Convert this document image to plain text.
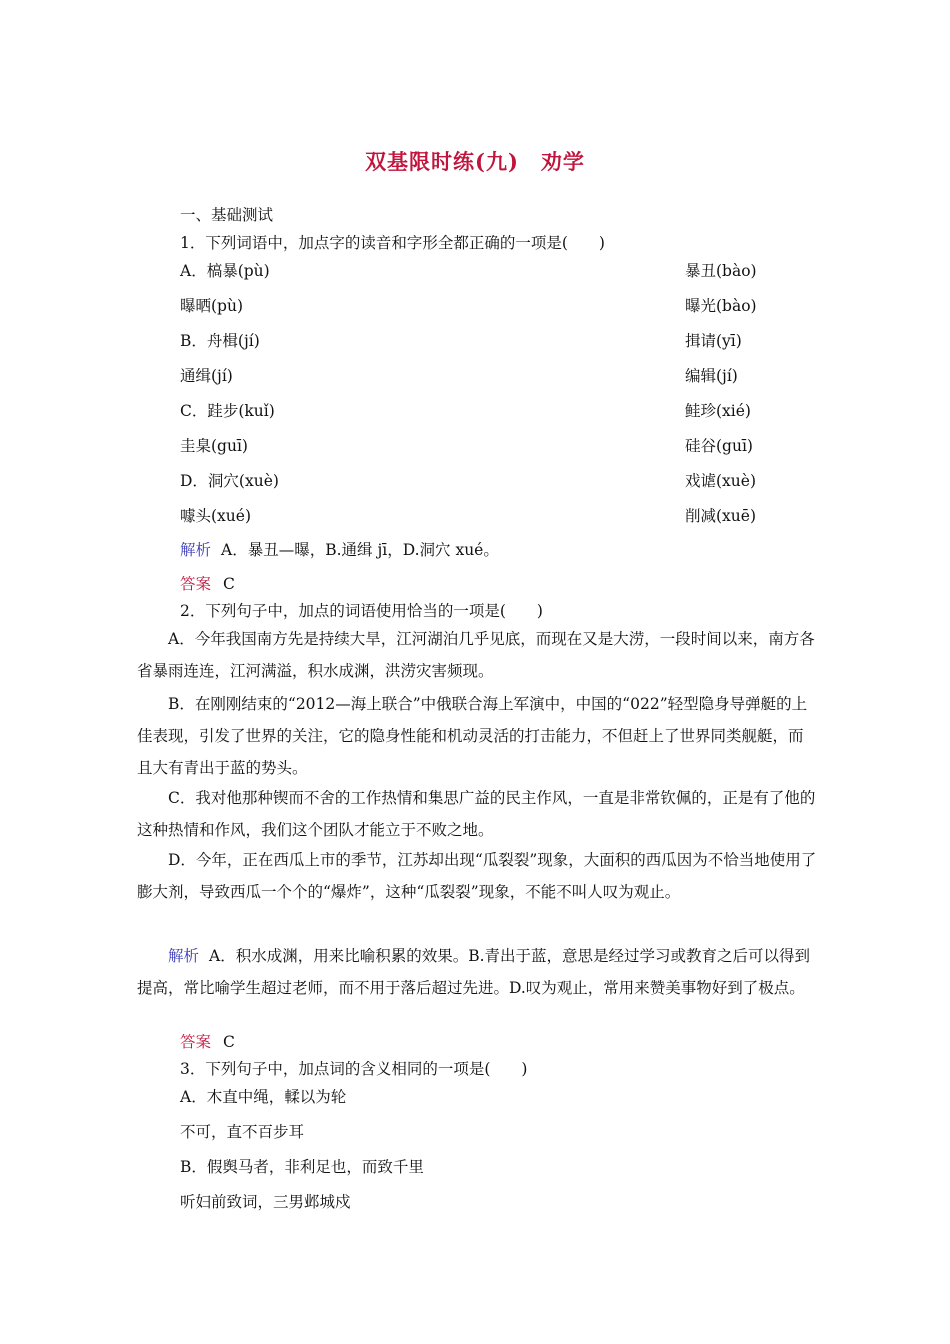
双基限时练(九)　劝学
一、基础测试
1．下列词语中，加点字的读音和字形全都正确的一项是(　　)
A．槁暴(pù)	暴丑(bào)
曝晒(pù)	曝光(bào)
B．舟楫(jí)	揖请(yī)
通缉(jí)	编辑(jí)
C．跬步(kuǐ)	鲑珍(xié)
圭臬(guī)	硅谷(guī)
D．洞穴(xuè)	戏谑(xuè)
噱头(xué)	削减(xuē)
解析 A．暴丑—曝，B.通缉 jī，D.洞穴 xué。
答案 C
2．下列句子中，加点的词语使用恰当的一项是(　　)
A．今年我国南方先是持续大旱，江河湖泊几乎见底，而现在又是大涝，一段时间以来，南方各省暴雨连连，江河满溢，积水成渊，洪涝灾害频现。
B．在刚刚结束的“2012—海上联合”中俄联合海上军演中，中国的“022”轻型隐身导弹艇的上佳表现，引发了世界的关注，它的隐身性能和机动灵活的打击能力，不但赶上了世界同类舰艇，而且大有青出于蓝的势头。
C．我对他那种锲而不舍的工作热情和集思广益的民主作风，一直是非常钦佩的，正是有了他的这种热情和作风，我们这个团队才能立于不败之地。
D．今年，正在西瓜上市的季节，江苏却出现“瓜裂裂”现象，大面积的西瓜因为不恰当地使用了膨大剂，导致西瓜一个个的“爆炸”，这种“瓜裂裂”现象，不能不叫人叹为观止。
解析 A．积水成渊，用来比喻积累的效果。B.青出于蓝，意思是经过学习或教育之后可以得到提高，常比喻学生超过老师，而不用于落后超过先进。D.叹为观止，常用来赞美事物好到了极点。
答案 C
3．下列句子中，加点词的含义相同的一项是(　　)
A．木直中绳，輮以为轮
不可，直不百步耳
B．假舆马者，非利足也，而致千里
听妇前致词，三男邺城戍
